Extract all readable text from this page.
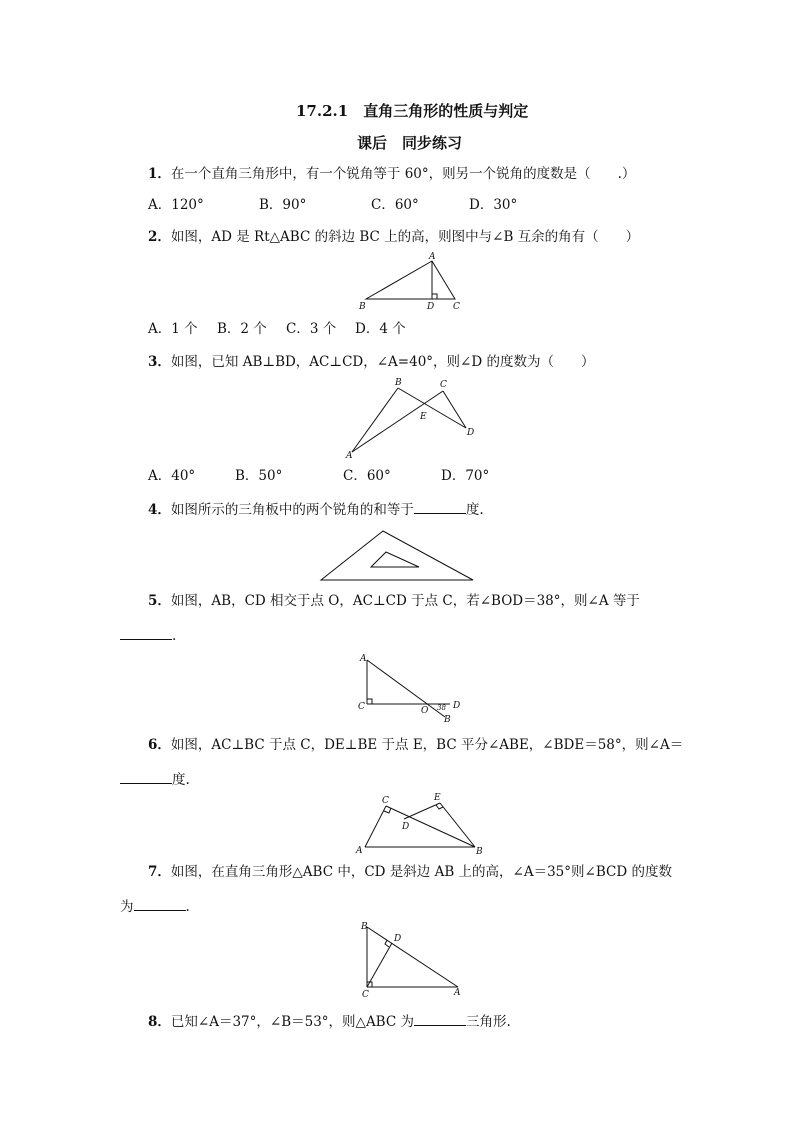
17.2.1　直角三角形的性质与判定
课后　同步练习
1．在一个直角三角形中，有一个锐角等于 60°，则另一个锐角的度数是（　　.）
A．120°	B．90°	C．60°	D．30°
2．如图，AD 是 Rt△ABC 的斜边 BC 上的高，则图中与∠B 互余的角有（　　）
A
B	D C
A．1 个 B．2 个 C．3 个 D．4 个
3．如图，已知 AB⊥BD，AC⊥CD，∠A=40°，则∠D 的度数为（　　）
B	C
E
D
A
A．40°	B．50°	C．60°	D．70°
4．如图所示的三角板中的两个锐角的和等于	度.
5．如图，AB，CD 相交于点 O，AC⊥CD 于点 C，若∠BOD＝38°，则∠A 等于
.
A
C	O 38 D
B
6．如图，AC⊥BC 于点 C，DE⊥BE 于点 E，BC 平分∠ABE，∠BDE＝58°，则∠A＝
度.
C	E
D
A	B
7．如图，在直角三角形△ABC 中，CD 是斜边 AB 上的高，∠A＝35°则∠BCD 的度数
为	.
B
D
C	A
8．已知∠A＝37°，∠B＝53°，则△ABC 为	三角形.
